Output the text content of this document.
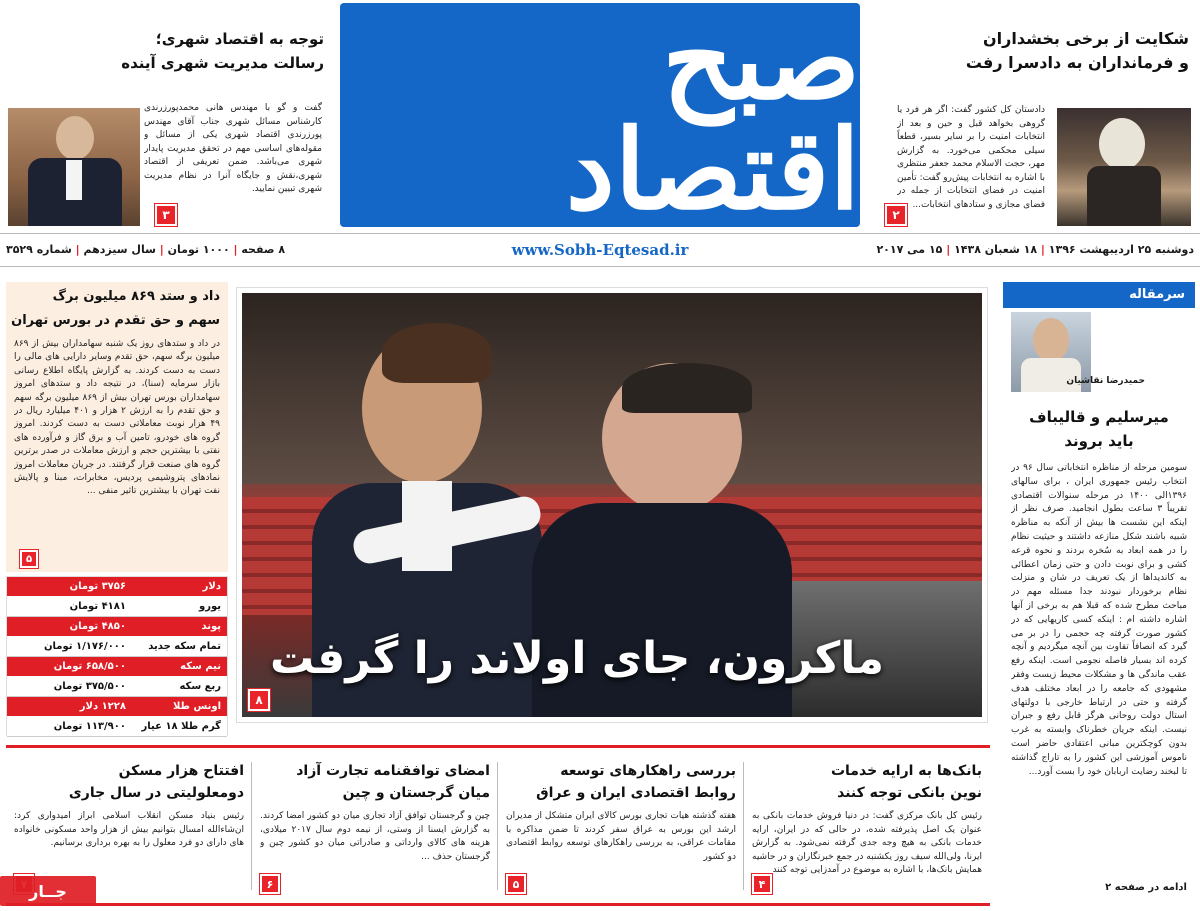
شکایت از برخی بخشداران
و فرمانداران به دادسرا رفت
دادستان کل کشور گفت: اگر هر فرد یا گروهی بخواهد قبل و حین و بعد از انتخابات امنیت را بر سایر بسیر، قطعاً سیلی محکمی می‌خورد. به گزارش مهر، حجت الاسلام محمد جعفر منتظری با اشاره به انتخابات پیش‌رو گفت: تأمین امنیت در فضای انتخابات از جمله در فضای مجازی و ستادهای انتخابات...
۲
صبح اقتصاد
توجه به اقتصاد شهری؛
رسالت مدیریت شهری آینده
گفت و گو با مهندس هانی محمدپورزرندی کارشناس مسائل شهری جناب آقای مهندس پورزرندی اقتصاد شهری یکی از مسائل و مقوله‌های اساسی مهم در تحقق مدیریت پایدار شهری می‌باشد. ضمن تعریفی از اقتصاد شهری،نقش و جایگاه آنرا در نظام مدیریت شهری تبیین نمایید.
۳
دوشنبه ۲۵ اردیبهشت ۱۳۹۶ | ۱۸ شعبان ۱۴۳۸ | ۱۵ می ۲۰۱۷
www.Sobh-Eqtesad.ir
۸ صفحه | ۱۰۰۰ تومان | سال سیزدهم | شماره ۳۵۲۹
سرمقاله
حمیدرضا نقاشیان
میرسلیم و قالیباف
باید بروند
سومین مرحله از مناظره انتخاباتی سال ۹۶ در انتخاب رئیس جمهوری ایران ، برای سالهای ۱۳۹۶الی ۱۴۰۰ در مرحله سنوالات اقتصادی تقریباً ۳ ساعت بطول انجامید. صرف نظر از اینکه این نشست ها بیش از آنکه به مناظره شبیه باشند شکل منازعه داشتند و حیثیت نظام را در همه ابعاد به سُخره بردند و نحوه قرعه کشی و برای نوبت دادن و حتی زمان اعطائی به کاندیداها از یک تعریف در شان و منزلت نظام برخوردار نبودند جدا مسئله مهم در مباحث مطرح شده که قبلا هم به برخی از آنها اشاره داشته ام : اینکه کسی کاریهایی که در کشور صورت گرفته چه حجمی را در بر می گیرد که انصافاً تفاوت بین آنچه میگردیم و آنچه کرده اند بسیار فاصله نجومی است. اینکه رفع عقب ماندگی ها و مشکلات محیط زیست وفقر مشهودی که جامعه را در ابعاد مختلف هدف گرفته و حتی در ارتباط خارجی با دولتهای استال دولت روحانی هرگز قابل رفع و جبران نیست. اینکه جریان خطرناک وابسته به غرب بدون کوچکترین مبانی اعتقادی حاضر است ناموس آموزشی این کشور را به تاراج گذاشته تا لبخند رضایت اربابان خود را بست آورد...
ادامه در صفحه ۲
ماکرون، جای اولاند را گرفت
۸
داد و ستد ۸۶۹ میلیون برگ
سهم و حق تقدم در بورس تهران
در داد و ستدهای روز یک شنبه سهامداران بیش از ۸۶۹ میلیون برگه سهم، حق تقدم وسایر دارایی های مالی را دست به دست کردند. به گزارش پایگاه اطلاع رسانی بازار سرمایه (سنا)، در نتیجه داد و ستدهای امروز سهامداران بورس تهران بیش از ۸۶۹ میلیون برگه سهم و حق تقدم را به ارزش ۲ هزار و ۴۰۱ میلیارد ریال در ۴۹ هزار نوبت معاملاتی دست به دست کردند. امروز گروه های خودرو، تامین آب و برق گاز و فرآورده های نفتی با بیشترین حجم و ارزش معاملات در صدر برترین گروه های صنعت قرار گرفتند. در جریان معاملات امروز نمادهای پتروشیمی پردیس، مخابرات، مبنا و پالایش نفت تهران با بیشترین تاثیر منفی ...
۵
دلار
۳۷۵۶ تومان
یورو
۴۱۸۱ تومان
پوند
۴۸۵۰ تومان
تمام سکه جدید
۱/۱۷۶/۰۰۰ تومان
نیم سکه
۶۵۸/۵۰۰ تومان
ربع سکه
۳۷۵/۵۰۰ تومان
اونس طلا
۱۲۲۸ دلار
گرم طلا ۱۸ عیار
۱۱۳/۹۰۰ تومان
بانک‌ها به ارایه خدمات
نوین بانکی توجه کنند
رئیس کل بانک مرکزی گفت: در دنیا فروش خدمات بانکی به عنوان یک اصل پذیرفته شده، در حالی که در ایران، ارایه خدمات بانکی به هیچ وجه جدی گرفته نمی‌شود. به گزارش ایرنا، ولی‌الله سیف روز یکشنبه در جمع خبرنگاران و در حاشیه همایش بانک‌ها، با اشاره به موضوع در آمدزایی توجه کنند
۴
بررسی راهکارهای توسعه
روابط اقتصادی ایران و عراق
هفته گذشته هیات تجاری بورس کالای ایران متشکل از مدیران ارشد این بورس به عراق سفر کردند تا ضمن مذاکره با مقامات عراقی، به بررسی راهکارهای توسعه روابط اقتصادی دو کشور
۵
امضای توافقنامه تجارت آزاد
میان گرجستان و چین
چین و گرجستان توافق آزاد تجاری میان دو کشور امضا کردند. به گزارش ایسنا از وستی، از نیمه دوم سال ۲۰۱۷ میلادی، هزینه های کالای وارداتی و صادراتی میان دو کشور چین و گرجستان حذف ...
۶
افتتاح هزار مسکن
دومعلولیتی در سال جاری
رئیس بنیاد مسکن انقلاب اسلامی ابراز امیدواری کرد: ان‌شاءالله امسال بتوانیم بیش از هزار واحد مسکونی خانواده های دارای دو فرد معلول را به بهره برداری برسانیم.
جــار
